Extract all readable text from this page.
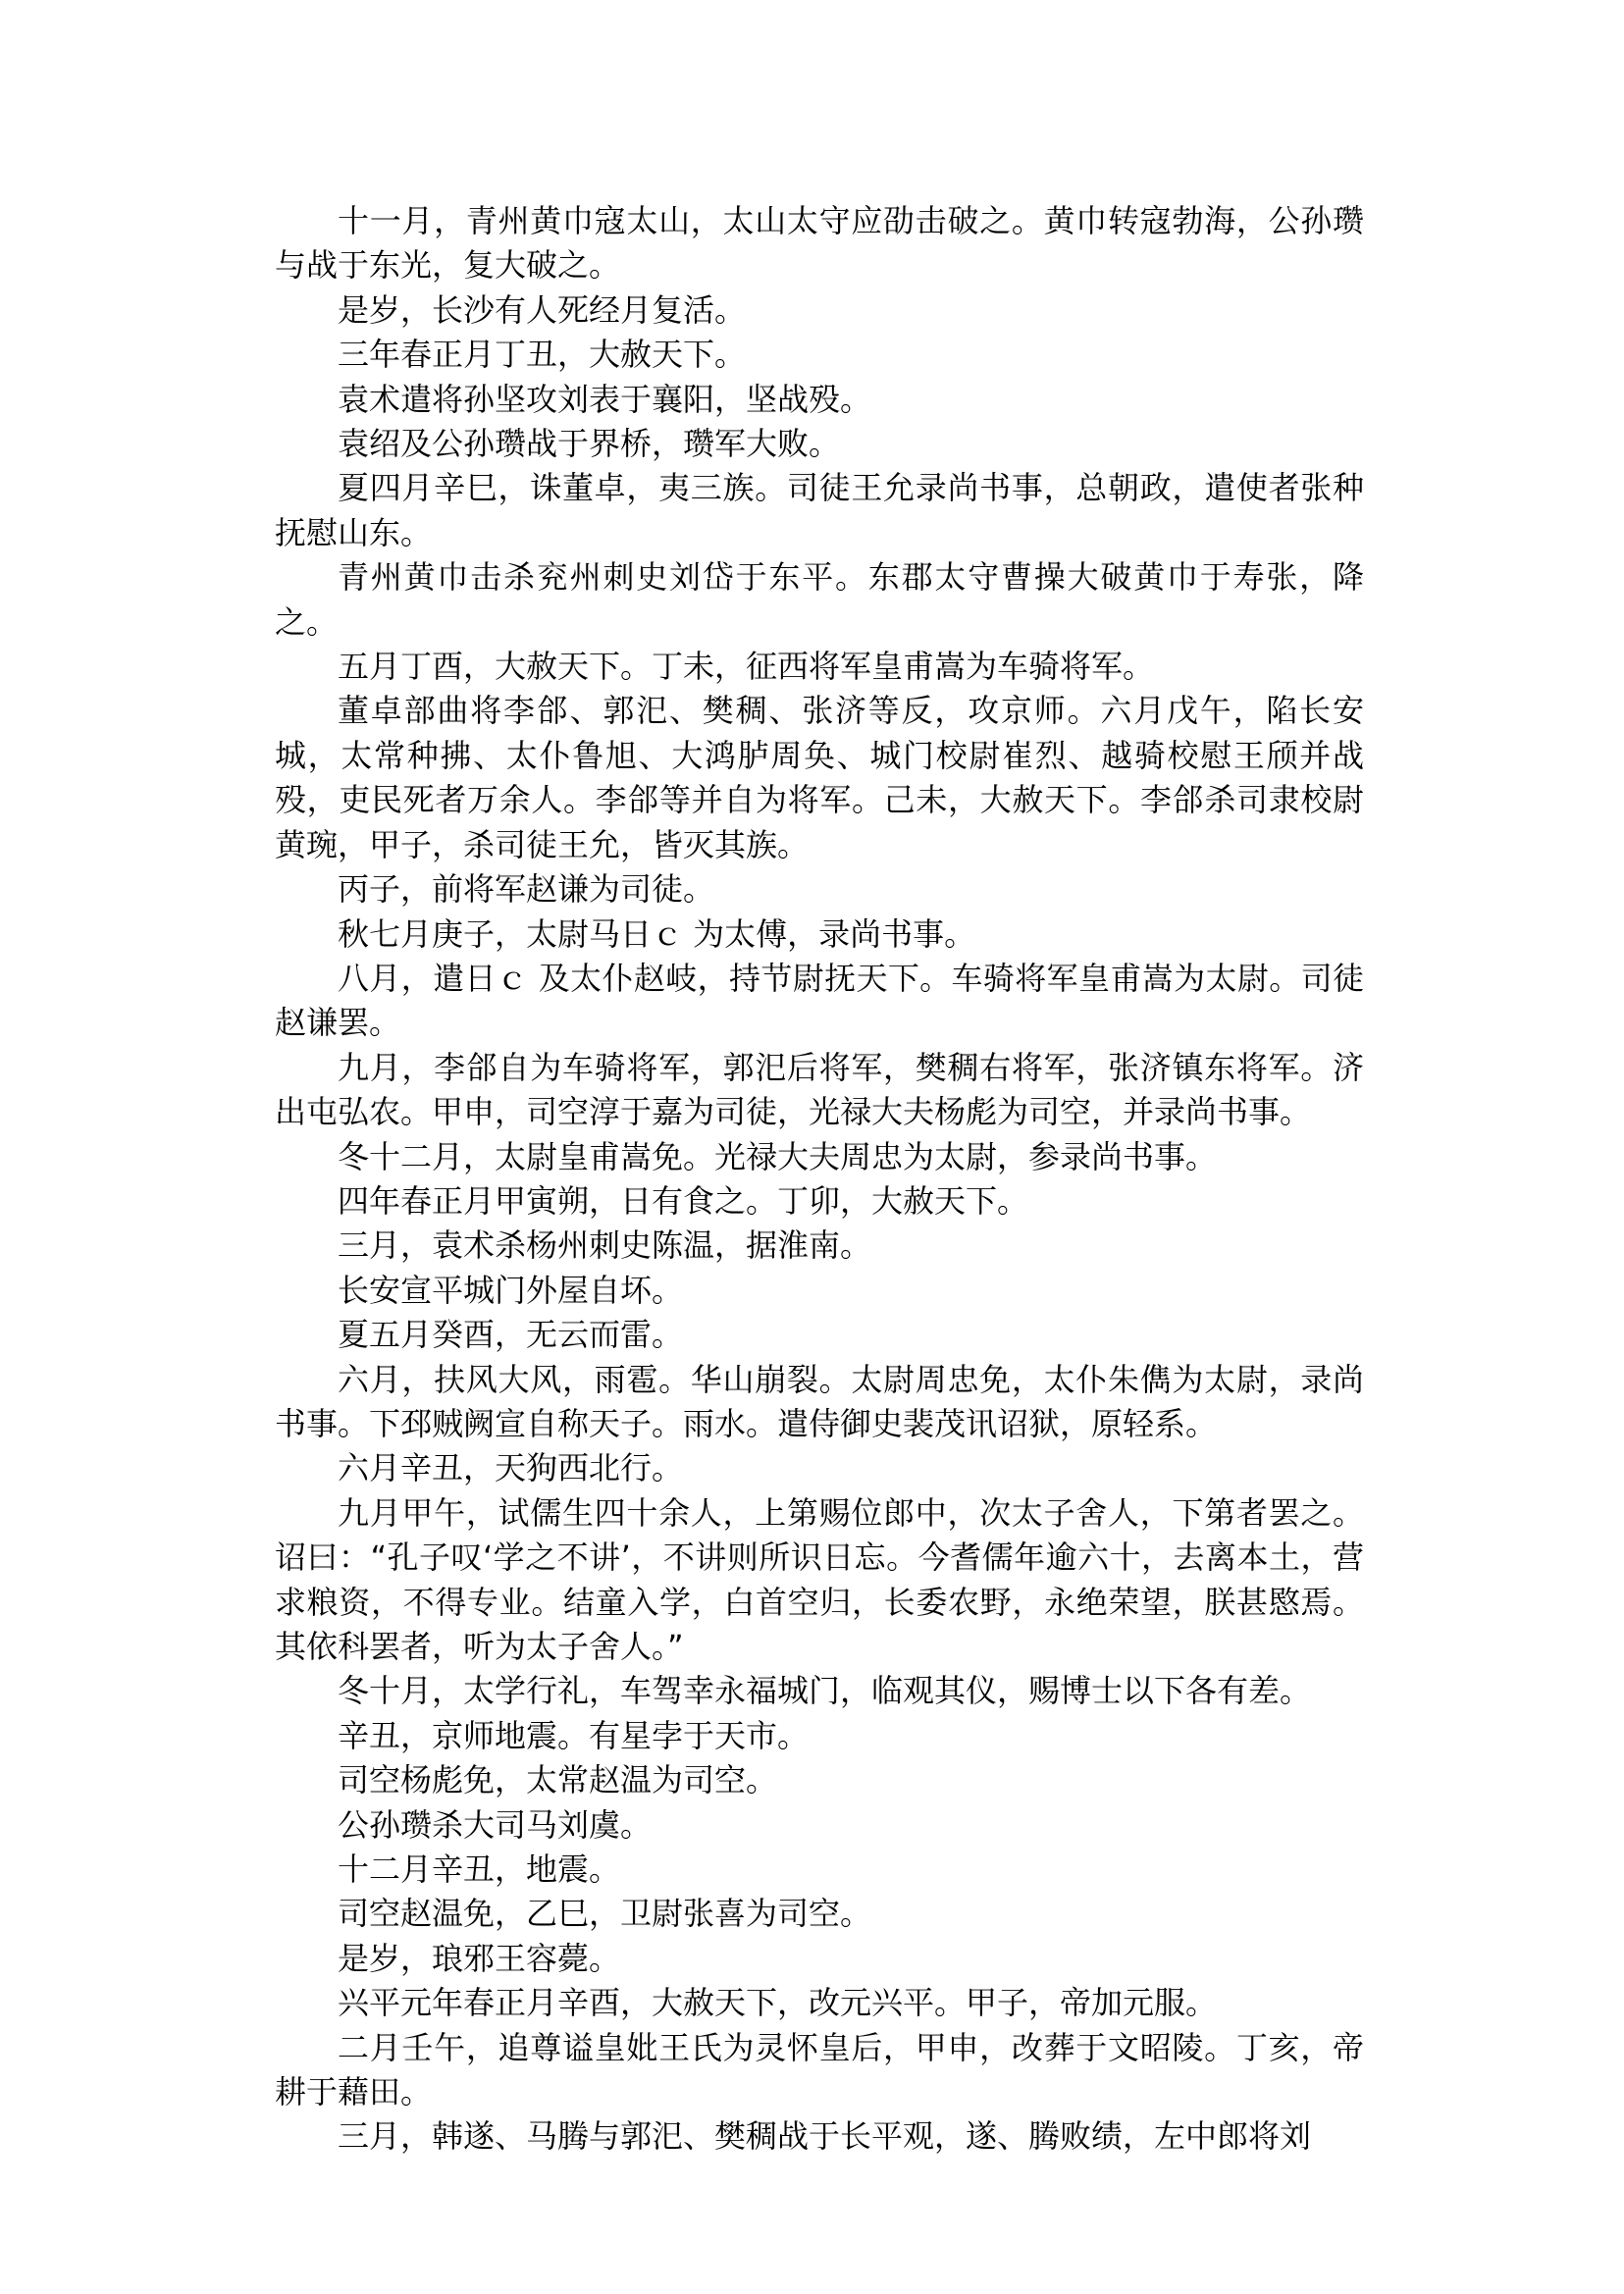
十一月，青州黄巾寇太山，太山太守应劭击破之。黄巾转寇勃海，公孙瓒与战于东光，复大破之。

是岁，长沙有人死经月复活。

三年春正月丁丑，大赦天下。

袁术遣将孙坚攻刘表于襄阳，坚战殁。

袁绍及公孙瓒战于界桥，瓒军大败。

夏四月辛巳，诛董卓，夷三族。司徒王允录尚书事，总朝政，遣使者张种抚慰山东。

青州黄巾击杀兖州刺史刘岱于东平。东郡太守曹操大破黄巾于寿张，降之。

五月丁酉，大赦天下。丁未，征西将军皇甫嵩为车骑将军。

董卓部曲将李郃、郭汜、樊稠、张济等反，攻京师。六月戊午，陷长安城，太常种拂、太仆鲁旭、大鸿胪周奂、城门校尉崔烈、越骑校慰王颀并战殁，吏民死者万余人。李郃等并自为将军。己未，大赦天下。李郃杀司隶校尉黄琬，甲子，杀司徒王允，皆灭其族。

丙子，前将军赵谦为司徒。

秋七月庚子，太尉马日ｃ 为太傅，录尚书事。

八月，遣日ｃ 及太仆赵岐，持节尉抚天下。车骑将军皇甫嵩为太尉。司徒赵谦罢。

九月，李郃自为车骑将军，郭汜后将军，樊稠右将军，张济镇东将军。济出屯弘农。甲申，司空淳于嘉为司徒，光禄大夫杨彪为司空，并录尚书事。

冬十二月，太尉皇甫嵩免。光禄大夫周忠为太尉，参录尚书事。

四年春正月甲寅朔，日有食之。丁卯，大赦天下。

三月，袁术杀杨州刺史陈温，据淮南。

长安宣平城门外屋自坏。

夏五月癸酉，无云而雷。

六月，扶风大风，雨雹。华山崩裂。太尉周忠免，太仆朱儁为太尉，录尚书事。下邳贼阙宣自称天子。雨水。遣侍御史裴茂讯诏狱，原轻系。

六月辛丑，天狗西北行。

九月甲午，试儒生四十余人，上第赐位郎中，次太子舍人，下第者罢之。诏曰：“孔子叹‘学之不讲’，不讲则所识日忘。今耆儒年逾六十，去离本土，营求粮资，不得专业。结童入学，白首空归，长委农野，永绝荣望，朕甚愍焉。其依科罢者，听为太子舍人。”

冬十月，太学行礼，车驾幸永福城门，临观其仪，赐博士以下各有差。

辛丑，京师地震。有星孛于天市。

司空杨彪免，太常赵温为司空。

公孙瓒杀大司马刘虞。

十二月辛丑，地震。

司空赵温免，乙巳，卫尉张喜为司空。

是岁，琅邪王容薨。

兴平元年春正月辛酉，大赦天下，改元兴平。甲子，帝加元服。

二月壬午，追尊谥皇妣王氏为灵怀皇后，甲申，改葬于文昭陵。丁亥，帝耕于藉田。

三月，韩遂、马腾与郭汜、樊稠战于长平观，遂、腾败绩，左中郎将刘
